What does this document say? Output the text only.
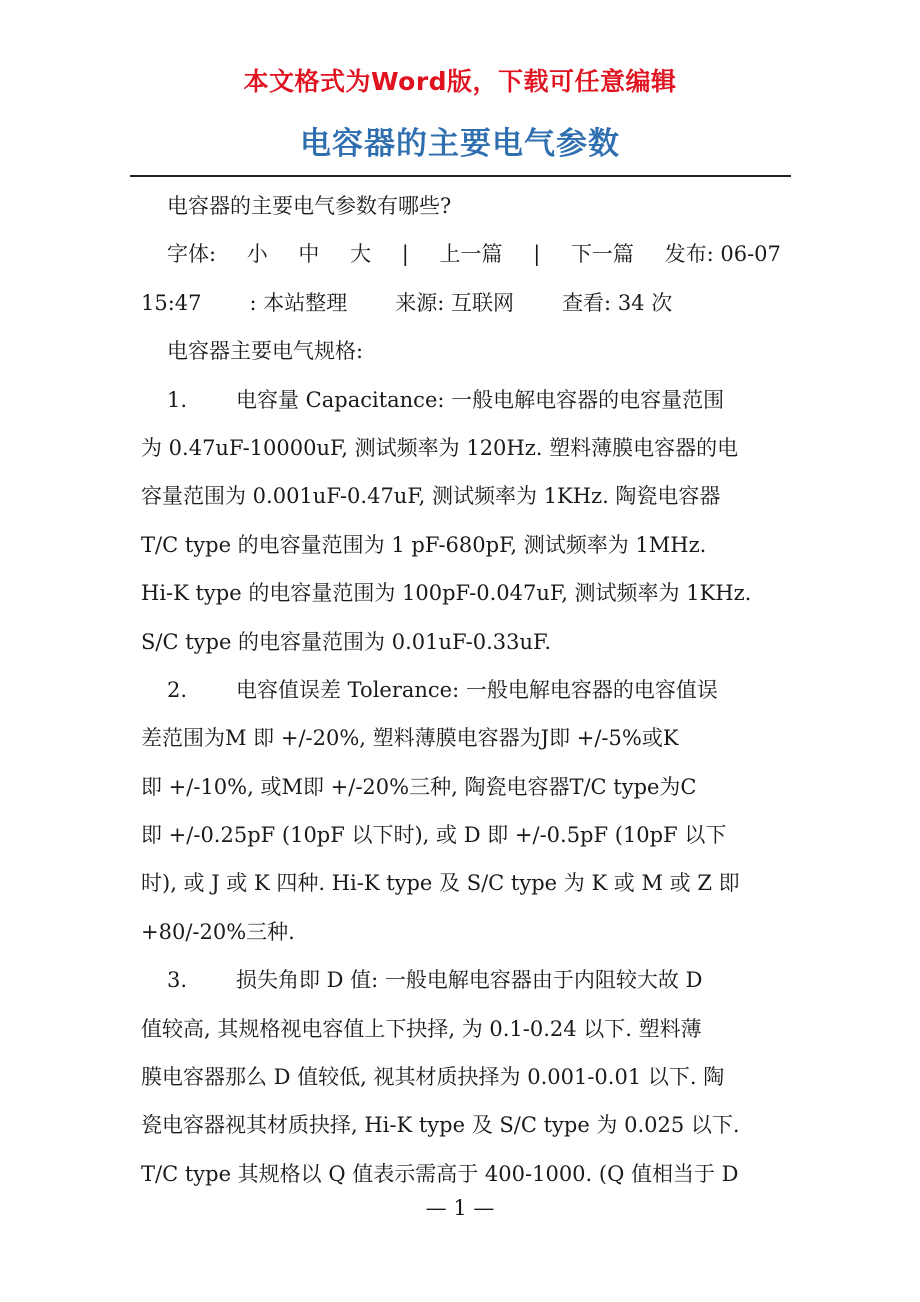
本文格式为Word版，下载可任意编辑
电容器的主要电气参数
电容器的主要电气参数有哪些?
字体: 小 中 大 | 上一篇 | 下一篇 发布: 06-07
15:47 : 本站整理 来源: 互联网 查看: 34 次
电容器主要电气规格:
1. 电容量 Capacitance: 一般电解电容器的电容量范围
为 0.47uF-10000uF, 测试频率为 120Hz. 塑料薄膜电容器的电
容量范围为 0.001uF-0.47uF, 测试频率为 1KHz. 陶瓷电容器
T/C type 的电容量范围为 1 pF-680pF, 测试频率为 1MHz.
Hi-K type 的电容量范围为 100pF-0.047uF, 测试频率为 1KHz.
S/C type 的电容量范围为 0.01uF-0.33uF.
2. 电容值误差 Tolerance: 一般电解电容器的电容值误
差范围为M 即 +/-20%, 塑料薄膜电容器为J即 +/-5%或K
即 +/-10%, 或M即 +/-20%三种, 陶瓷电容器T/C type为C
即 +/-0.25pF (10pF 以下时), 或 D 即 +/-0.5pF (10pF 以下
时), 或 J 或 K 四种. Hi-K type 及 S/C type 为 K 或 M 或 Z 即
+80/-20%三种.
3. 损失角即 D 值: 一般电解电容器由于内阻较大故 D
值较高, 其规格视电容值上下抉择, 为 0.1-0.24 以下. 塑料薄
膜电容器那么 D 值较低, 视其材质抉择为 0.001-0.01 以下. 陶
瓷电容器视其材质抉择, Hi-K type 及 S/C type 为 0.025 以下.
T/C type 其规格以 Q 值表示需高于 400-1000. (Q 值相当于 D
— 1 —
